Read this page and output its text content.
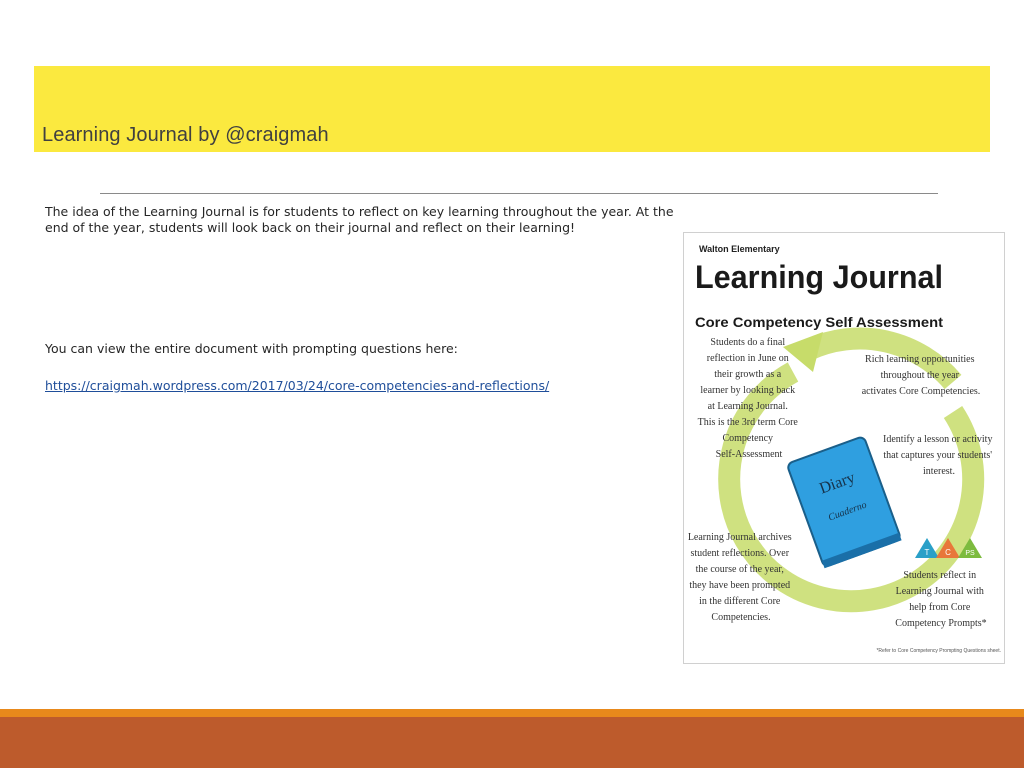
Learning Journal by @craigmah
The idea of the Learning Journal is for students to reflect on key learning throughout the year. At the end of the year, students will look back on their journal and reflect on their learning!
You can view the entire document with prompting questions here:
https://craigmah.wordpress.com/2017/03/24/core-competencies-and-reflections/
Walton Elementary
Learning Journal
Core Competency Self Assessment
Students do a final reflection in June on their growth as a learner by looking back at Learning Journal. This is the 3rd term Core Competency Self-Assessment
Rich learning opportunities throughout the year activates Core Competencies.
Identify a lesson or activity that captures your students' interest.
Learning Journal archives student reflections. Over the course of the year, they have been prompted in the different Core Competencies.
Students reflect in Learning Journal with help from Core Competency Prompts*
Diary
Cuaderno
T C PS
*Refer to Core Competency Prompting Questions sheet.
